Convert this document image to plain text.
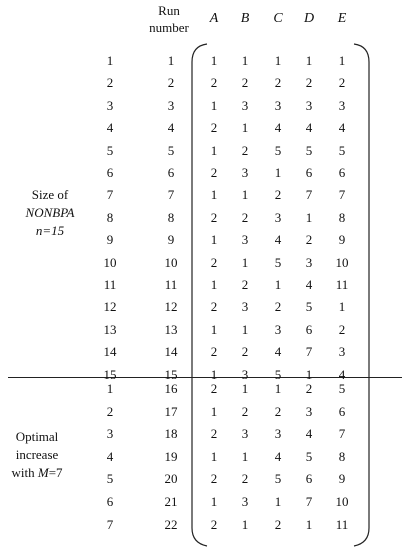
Run
number
A	B	C	D	E
Size of
NONBPA
n=15
Optimal
increase
with M=7
1	1	1	1	1	1	1
2	2	2	2	2	2	2
3	3	1	3	3	3	3
4	4	2	1	4	4	4
5	5	1	2	5	5	5
6	6	2	3	1	6	6
7	7	1	1	2	7	7
8	8	2	2	3	1	8
9	9	1	3	4	2	9
10	10	2	1	5	3	10
11	11	1	2	1	4	11
12	12	2	3	2	5	1
13	13	1	1	3	6	2
14	14	2	2	4	7	3
15	15	1	3	5	1	4
1	16	2	1	1	2	5
2	17	1	2	2	3	6
3	18	2	3	3	4	7
4	19	1	1	4	5	8
5	20	2	2	5	6	9
6	21	1	3	1	7	10
7	22	2	1	2	1	11
